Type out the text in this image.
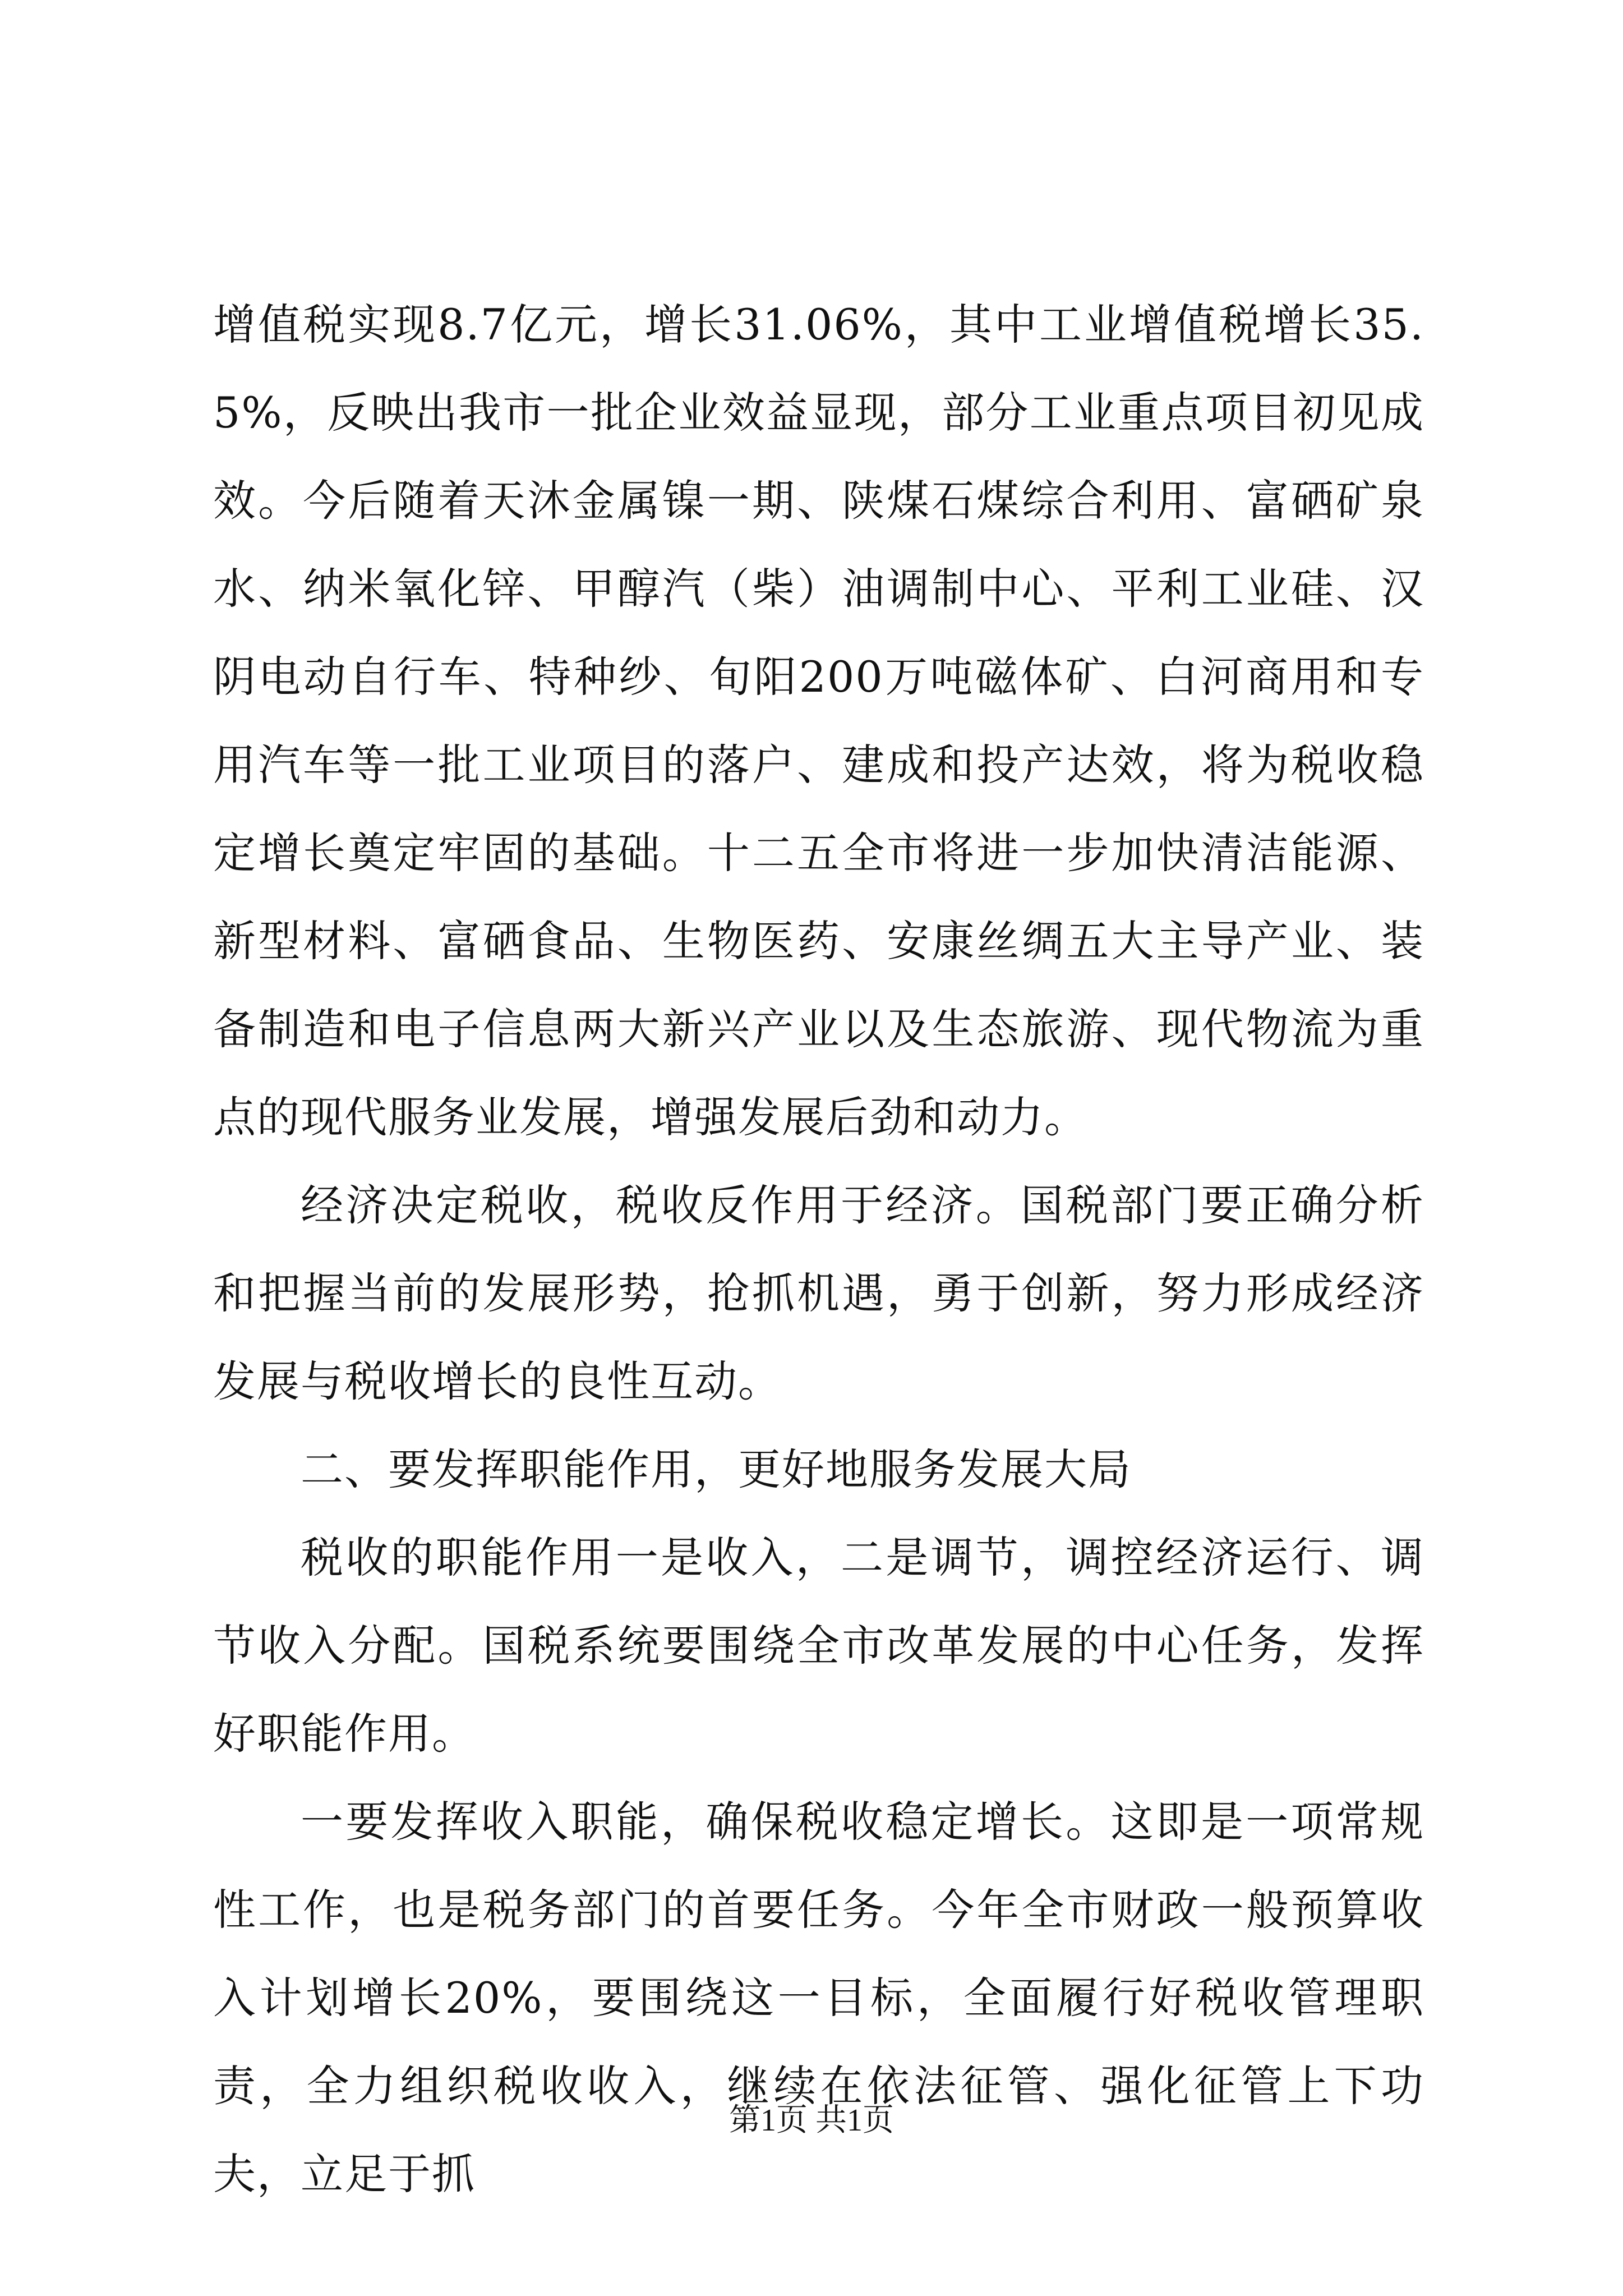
增值税实现8.7亿元，增长31.06%，其中工业增值税增长35.5%，反映出我市一批企业效益显现，部分工业重点项目初见成效。今后随着天沐金属镍一期、陕煤石煤综合利用、富硒矿泉水、纳米氧化锌、甲醇汽（柴）油调制中心、平利工业硅、汉阴电动自行车、特种纱、旬阳200万吨磁体矿、白河商用和专用汽车等一批工业项目的落户、建成和投产达效，将为税收稳定增长奠定牢固的基础。十二五全市将进一步加快清洁能源、新型材料、富硒食品、生物医药、安康丝绸五大主导产业、装备制造和电子信息两大新兴产业以及生态旅游、现代物流为重点的现代服务业发展，增强发展后劲和动力。

经济决定税收，税收反作用于经济。国税部门要正确分析和把握当前的发展形势，抢抓机遇，勇于创新，努力形成经济发展与税收增长的良性互动。

二、要发挥职能作用，更好地服务发展大局

税收的职能作用一是收入，二是调节，调控经济运行、调节收入分配。国税系统要围绕全市改革发展的中心任务，发挥好职能作用。

一要发挥收入职能，确保税收稳定增长。这即是一项常规性工作，也是税务部门的首要任务。今年全市财政一般预算收入计划增长20%，要围绕这一目标，全面履行好税收管理职责，全力组织税收收入，继续在依法征管、强化征管上下功夫，立足于抓

第1页 共1页
